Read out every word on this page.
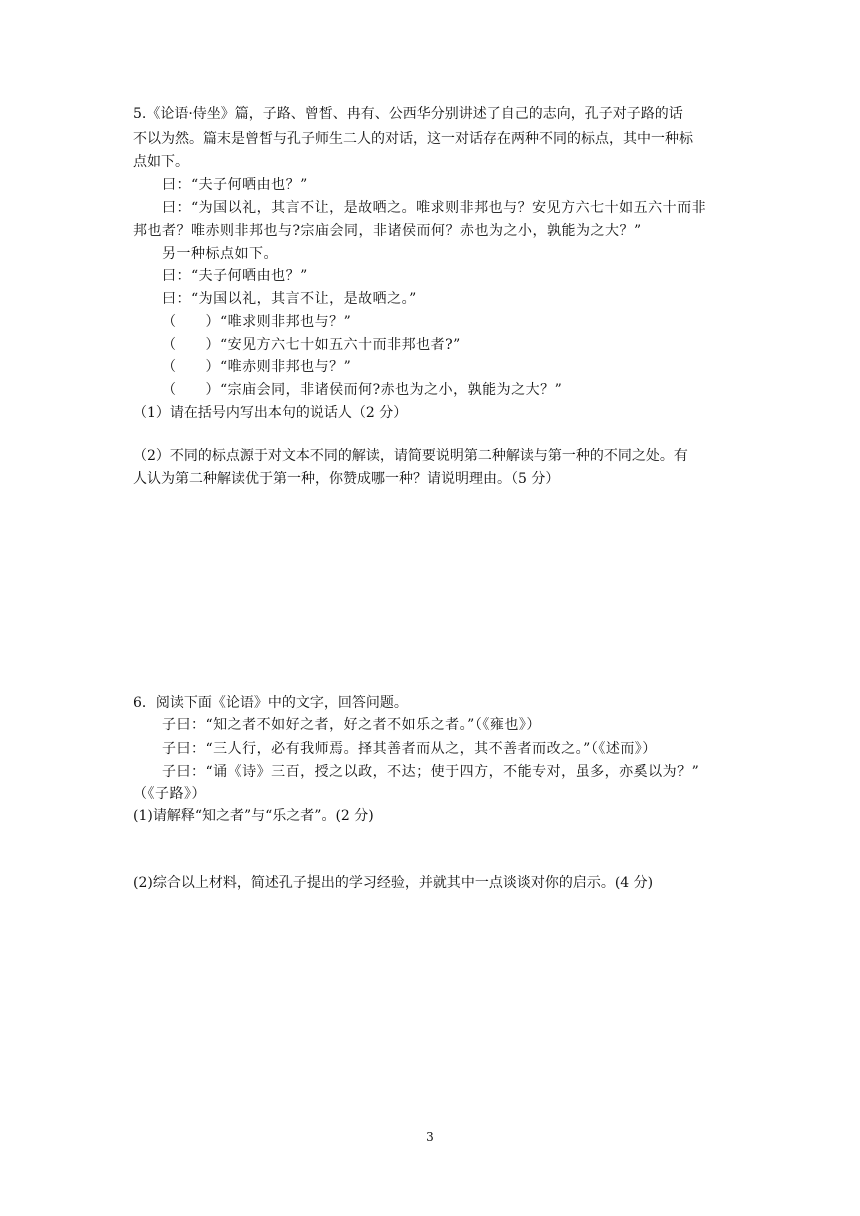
5.《论语·侍坐》篇，子路、曾皙、冉有、公西华分别讲述了自己的志向，孔子对子路的话
不以为然。篇末是曾皙与孔子师生二人的对话，这一对话存在两种不同的标点，其中一种标
点如下。
曰：“夫子何哂由也？”
曰：“为国以礼，其言不让，是故哂之。唯求则非邦也与？安见方六七十如五六十而非
邦也者？唯赤则非邦也与?宗庙会同，非诸侯而何？赤也为之小，孰能为之大？”
另一种标点如下。
曰：“夫子何哂由也？”
曰：“为国以礼，其言不让，是故哂之。”
（　　）“唯求则非邦也与？”
（　　）“安见方六七十如五六十而非邦也者?”
（　　）“唯赤则非邦也与？”
（　　）“宗庙会同，非诸侯而何?赤也为之小，孰能为之大？”
（1）请在括号内写出本句的说话人（2 分）
（2）不同的标点源于对文本不同的解读，请简要说明第二种解读与第一种的不同之处。有
人认为第二种解读优于第一种，你赞成哪一种？请说明理由。（5 分）
6．阅读下面《论语》中的文字，回答问题。
子曰：“知之者不如好之者，好之者不如乐之者。”（《雍也》）
子曰：“三人行，必有我师焉。择其善者而从之，其不善者而改之。”（《述而》）
子曰：“诵《诗》三百，授之以政，不达；使于四方，不能专对，虽多，亦奚以为？”
（《子路》）
(1)请解释“知之者”与“乐之者”。(2 分)
(2)综合以上材料，简述孔子提出的学习经验，并就其中一点谈谈对你的启示。(4 分)
3
